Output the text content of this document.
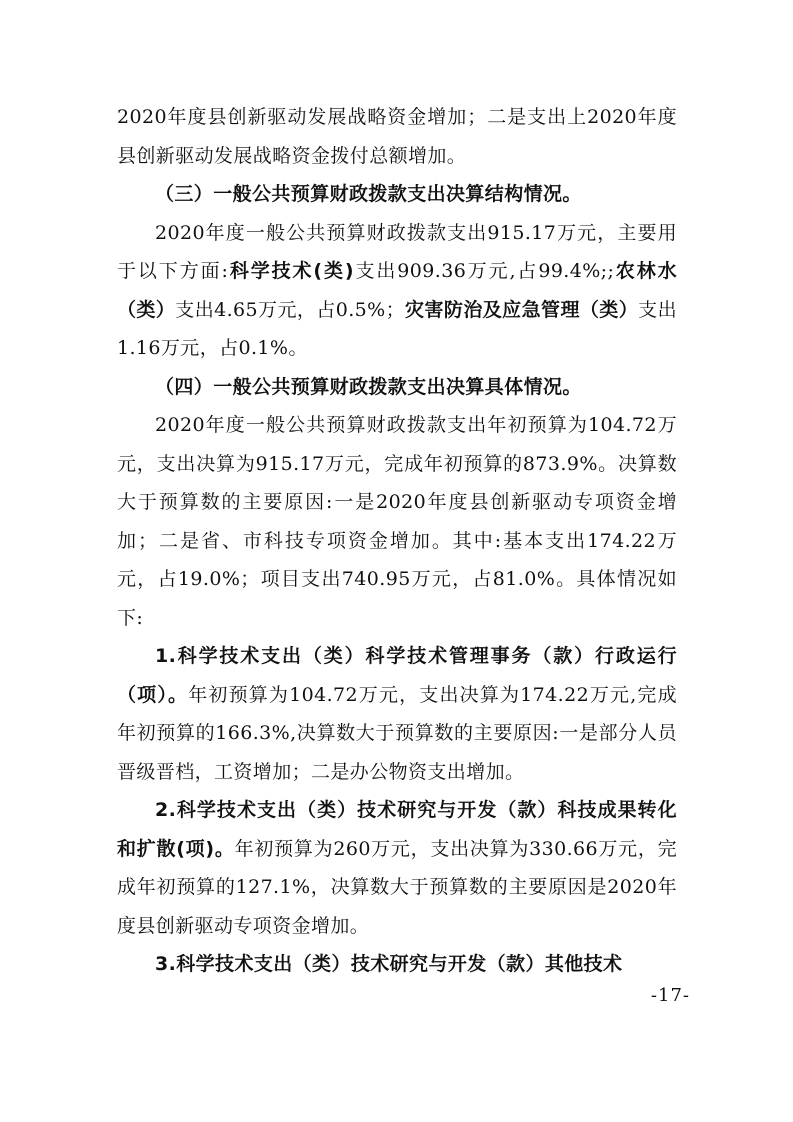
2020年度县创新驱动发展战略资金增加；二是支出上2020年度县创新驱动发展战略资金拨付总额增加。

（三）一般公共预算财政拨款支出决算结构情况。

2020年度一般公共预算财政拨款支出915.17万元，主要用于以下方面:科学技术(类)支出909.36万元,占99.4%;;农林水（类）支出4.65万元，占0.5%；灾害防治及应急管理（类）支出1.16万元，占0.1%。

（四）一般公共预算财政拨款支出决算具体情况。

2020年度一般公共预算财政拨款支出年初预算为104.72万元，支出决算为915.17万元，完成年初预算的873.9%。决算数大于预算数的主要原因:一是2020年度县创新驱动专项资金增加；二是省、市科技专项资金增加。其中:基本支出174.22万元，占19.0%；项目支出740.95万元，占81.0%。具体情况如下:

1.科学技术支出（类）科学技术管理事务（款）行政运行（项）。年初预算为104.72万元，支出决算为174.22万元,完成年初预算的166.3%,决算数大于预算数的主要原因:一是部分人员晋级晋档，工资增加；二是办公物资支出增加。

2.科学技术支出（类）技术研究与开发（款）科技成果转化和扩散(项)。年初预算为260万元，支出决算为330.66万元，完成年初预算的127.1%，决算数大于预算数的主要原因是2020年度县创新驱动专项资金增加。

3.科学技术支出（类）技术研究与开发（款）其他技术

-17-
